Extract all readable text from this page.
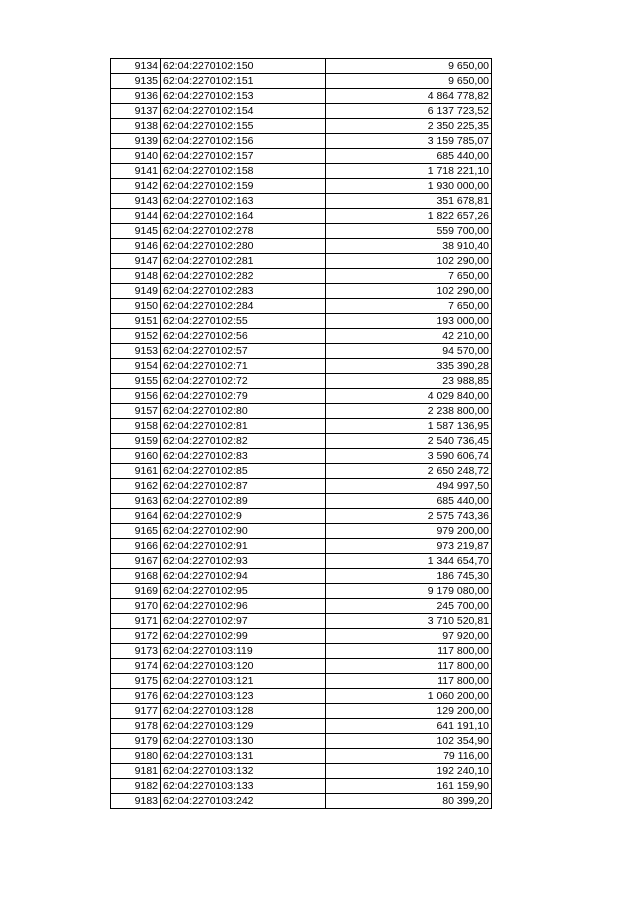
9134	62:04:2270102:150	9 650,00
9135	62:04:2270102:151	9 650,00
9136	62:04:2270102:153	4 864 778,82
9137	62:04:2270102:154	6 137 723,52
9138	62:04:2270102:155	2 350 225,35
9139	62:04:2270102:156	3 159 785,07
9140	62:04:2270102:157	685 440,00
9141	62:04:2270102:158	1 718 221,10
9142	62:04:2270102:159	1 930 000,00
9143	62:04:2270102:163	351 678,81
9144	62:04:2270102:164	1 822 657,26
9145	62:04:2270102:278	559 700,00
9146	62:04:2270102:280	38 910,40
9147	62:04:2270102:281	102 290,00
9148	62:04:2270102:282	7 650,00
9149	62:04:2270102:283	102 290,00
9150	62:04:2270102:284	7 650,00
9151	62:04:2270102:55	193 000,00
9152	62:04:2270102:56	42 210,00
9153	62:04:2270102:57	94 570,00
9154	62:04:2270102:71	335 390,28
9155	62:04:2270102:72	23 988,85
9156	62:04:2270102:79	4 029 840,00
9157	62:04:2270102:80	2 238 800,00
9158	62:04:2270102:81	1 587 136,95
9159	62:04:2270102:82	2 540 736,45
9160	62:04:2270102:83	3 590 606,74
9161	62:04:2270102:85	2 650 248,72
9162	62:04:2270102:87	494 997,50
9163	62:04:2270102:89	685 440,00
9164	62:04:2270102:9	2 575 743,36
9165	62:04:2270102:90	979 200,00
9166	62:04:2270102:91	973 219,87
9167	62:04:2270102:93	1 344 654,70
9168	62:04:2270102:94	186 745,30
9169	62:04:2270102:95	9 179 080,00
9170	62:04:2270102:96	245 700,00
9171	62:04:2270102:97	3 710 520,81
9172	62:04:2270102:99	97 920,00
9173	62:04:2270103:119	117 800,00
9174	62:04:2270103:120	117 800,00
9175	62:04:2270103:121	117 800,00
9176	62:04:2270103:123	1 060 200,00
9177	62:04:2270103:128	129 200,00
9178	62:04:2270103:129	641 191,10
9179	62:04:2270103:130	102 354,90
9180	62:04:2270103:131	79 116,00
9181	62:04:2270103:132	192 240,10
9182	62:04:2270103:133	161 159,90
9183	62:04:2270103:242	80 399,20
